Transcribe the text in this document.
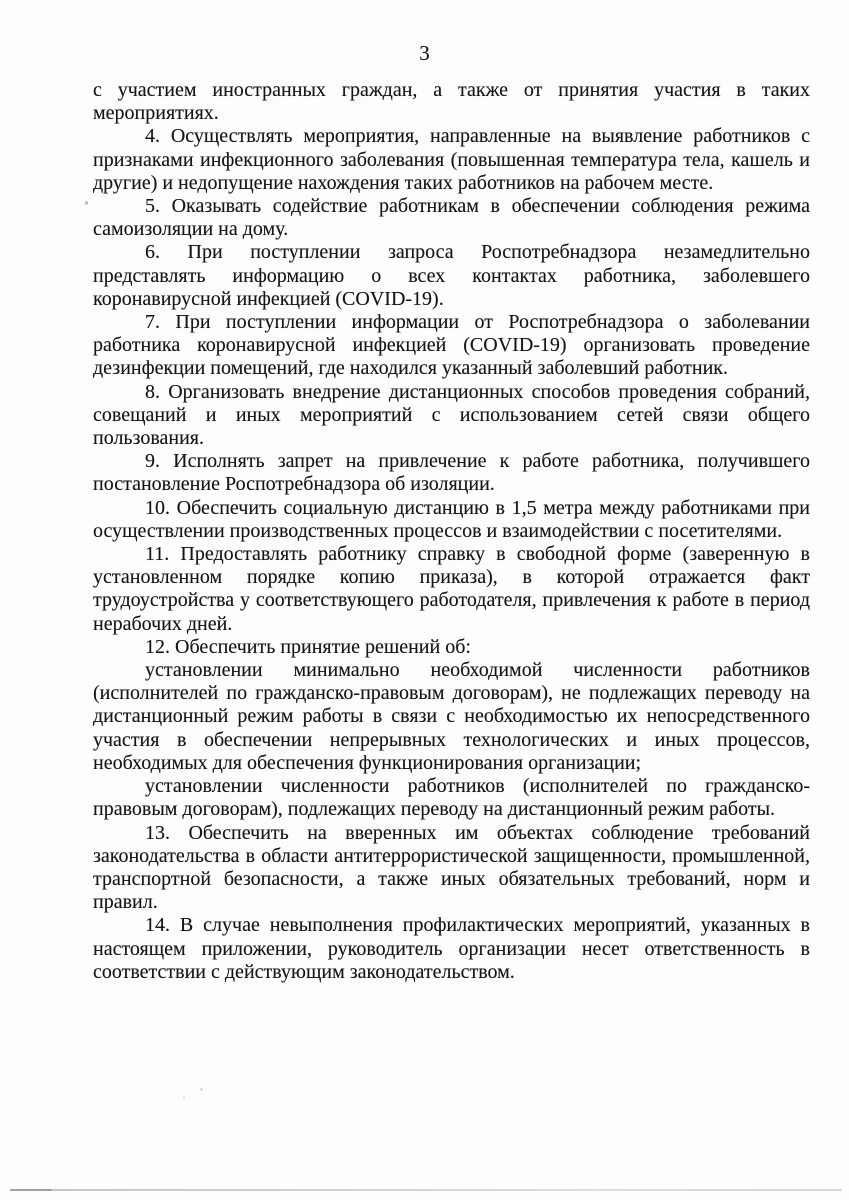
3

с участием иностранных граждан, а также от принятия участия в таких мероприятиях.

4. Осуществлять мероприятия, направленные на выявление работников с признаками инфекционного заболевания (повышенная температура тела, кашель и другие) и недопущение нахождения таких работников на рабочем месте.

5. Оказывать содействие работникам в обеспечении соблюдения режима самоизоляции на дому.

6. При поступлении запроса Роспотребнадзора незамедлительно представлять информацию о всех контактах работника, заболевшего коронавирусной инфекцией (COVID-19).

7. При поступлении информации от Роспотребнадзора о заболевании работника коронавирусной инфекцией (COVID-19) организовать проведение дезинфекции помещений, где находился указанный заболевший работник.

8. Организовать внедрение дистанционных способов проведения собраний, совещаний и иных мероприятий с использованием сетей связи общего пользования.

9. Исполнять запрет на привлечение к работе работника, получившего постановление Роспотребнадзора об изоляции.

10. Обеспечить социальную дистанцию в 1,5 метра между работниками при осуществлении производственных процессов и взаимодействии с посетителями.

11. Предоставлять работнику справку в свободной форме (заверенную в установленном порядке копию приказа), в которой отражается факт трудоустройства у соответствующего работодателя, привлечения к работе в период нерабочих дней.

12. Обеспечить принятие решений об:

установлении минимально необходимой численности работников (исполнителей по гражданско-правовым договорам), не подлежащих переводу на дистанционный режим работы в связи с необходимостью их непосредственного участия в обеспечении непрерывных технологических и иных процессов, необходимых для обеспечения функционирования организации;

установлении численности работников (исполнителей по гражданско-правовым договорам), подлежащих переводу на дистанционный режим работы.

13. Обеспечить на вверенных им объектах соблюдение требований законодательства в области антитеррористической защищенности, промышленной, транспортной безопасности, а также иных обязательных требований, норм и правил.

14. В случае невыполнения профилактических мероприятий, указанных в настоящем приложении, руководитель организации несет ответственность в соответствии с действующим законодательством.
